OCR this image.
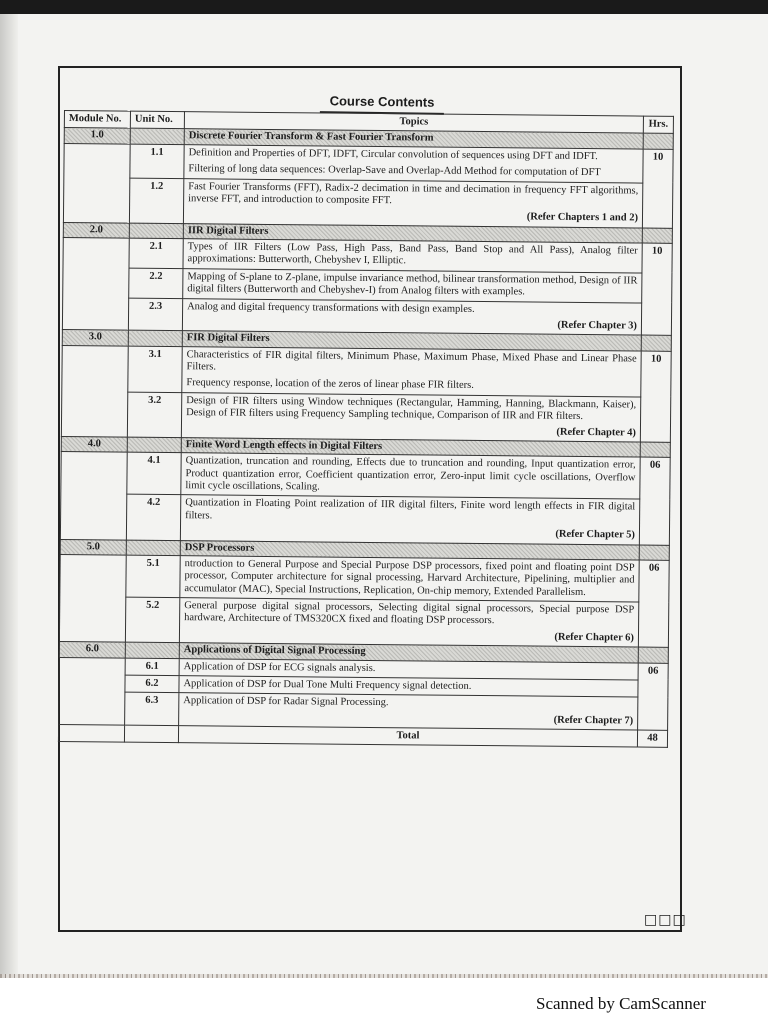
Course Contents
Module No.	Unit No.	Topics	Hrs.
1.0		Discrete Fourier Transform & Fast Fourier Transform	
	1.1	Definition and Properties of DFT, IDFT, Circular convolution of sequences using DFT and IDFT.
Filtering of long data sequences: Overlap-Save and Overlap-Add Method for computation of DFT	10
	1.2	Fast Fourier Transforms (FFT), Radix-2 decimation in time and decimation in frequency FFT algorithms, inverse FFT, and introduction to composite FFT.
(Refer Chapters 1 and 2)	

2.0		IIR Digital Filters	
	2.1	Types of IIR Filters (Low Pass, High Pass, Band Pass, Band Stop and All Pass), Analog filter approximations: Butterworth, Chebyshev I, Elliptic.	10
	2.2	Mapping of S-plane to Z-plane, impulse invariance method, bilinear transformation method, Design of IIR digital filters (Butterworth and Chebyshev-I) from Analog filters with examples.	

	2.3	Analog and digital frequency transformations with design examples.
(Refer Chapter 3)	

3.0		FIR Digital Filters	
	3.1	Characteristics of FIR digital filters, Minimum Phase, Maximum Phase, Mixed Phase and Linear Phase Filters.
Frequency response, location of the zeros of linear phase FIR filters.	10
	3.2	Design of FIR filters using Window techniques (Rectangular, Hamming, Hanning, Blackmann, Kaiser), Design of FIR filters using Frequency Sampling technique, Comparison of IIR and FIR filters.
(Refer Chapter 4)	

4.0		Finite Word Length effects in Digital Filters	
	4.1	Quantization, truncation and rounding, Effects due to truncation and rounding, Input quantization error, Product quantization error, Coefficient quantization error, Zero-input limit cycle oscillations, Overflow limit cycle oscillations, Scaling.	06
	4.2	Quantization in Floating Point realization of IIR digital filters, Finite word length effects in FIR digital filters.
(Refer Chapter 5)	

5.0		DSP Processors	
	5.1	ntroduction to General Purpose and Special Purpose DSP processors, fixed point and floating point DSP processor, Computer architecture for signal processing, Harvard Architecture, Pipelining, multiplier and accumulator (MAC), Special Instructions, Replication, On-chip memory, Extended Parallelism.	06
	5.2	General purpose digital signal processors, Selecting digital signal processors, Special purpose DSP hardware, Architecture of TMS320CX fixed and floating DSP processors.
(Refer Chapter 6)	

6.0		Applications of Digital Signal Processing	
	6.1	Application of DSP for ECG signals analysis.	06
	6.2	Application of DSP for Dual Tone Multi Frequency signal detection.	

	6.3	Application of DSP for Radar Signal Processing.
(Refer Chapter 7)	

		Total	48
□□□
Scanned by CamScanner
